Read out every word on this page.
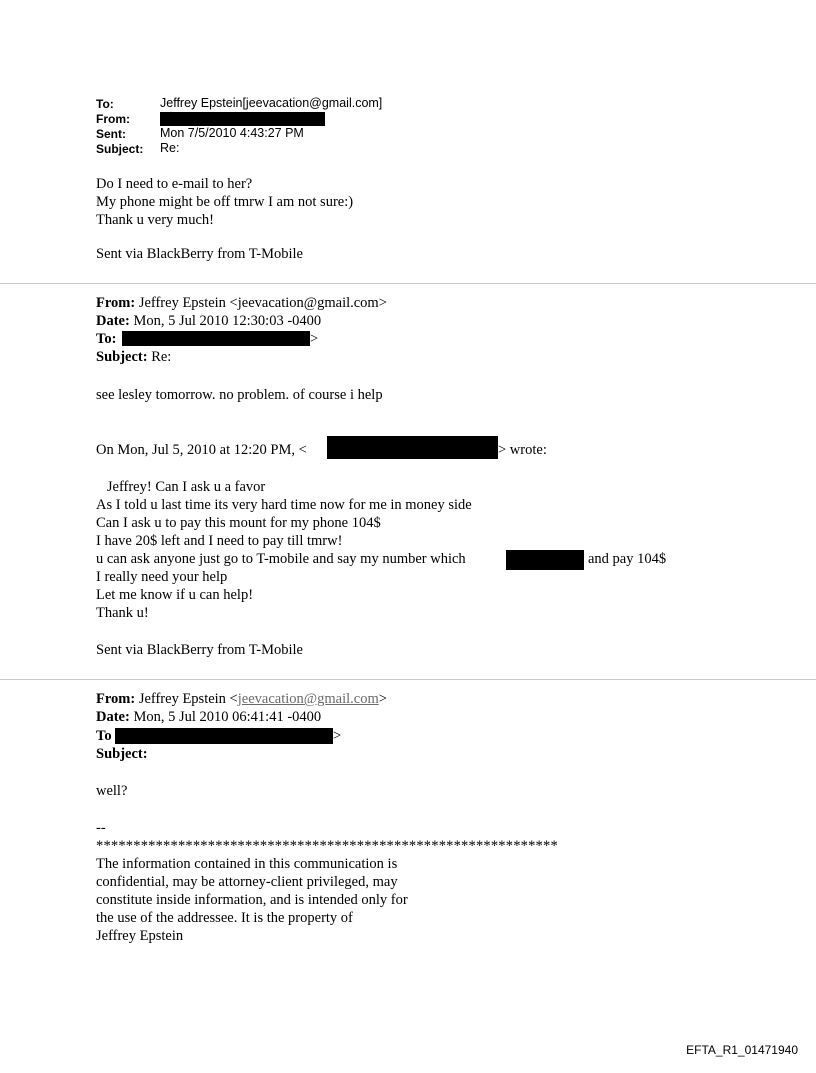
To:	Jeffrey Epstein[jeevacation@gmail.com]
From:
Sent:	Mon 7/5/2010 4:43:27 PM
Subject: Re:
Do I need to e-mail to her?
My phone might be off tmrw I am not sure:)
Thank u very much!
Sent via BlackBerry from T-Mobile
From: Jeffrey Epstein <jeevacation@gmail.com>
Date: Mon, 5 Jul 2010 12:30:03 -0400
To:	>
Subject: Re:
see lesley tomorrow. no problem. of course i help
On Mon, Jul 5, 2010 at 12:20 PM, <	> wrote:
Jeffrey! Can I ask u a favor
As I told u last time its very hard time now for me in money side
Can I ask u to pay this mount for my phone 104$
I have 20$ left and I need to pay till tmrw!
u can ask anyone just go to T-mobile and say my number which	and pay 104$
I really need your help
Let me know if u can help!
Thank u!
Sent via BlackBerry from T-Mobile
From: Jeffrey Epstein <jeevacation@gmail.com>
Date: Mon, 5 Jul 2010 06:41:41 -0400
To	>
Subject:
well?
--
**************************************************************
The information contained in this communication is
confidential, may be attorney-client privileged, may
constitute inside information, and is intended only for
the use of the addressee. It is the property of
Jeffrey Epstein
EFTA_R1_01471940
